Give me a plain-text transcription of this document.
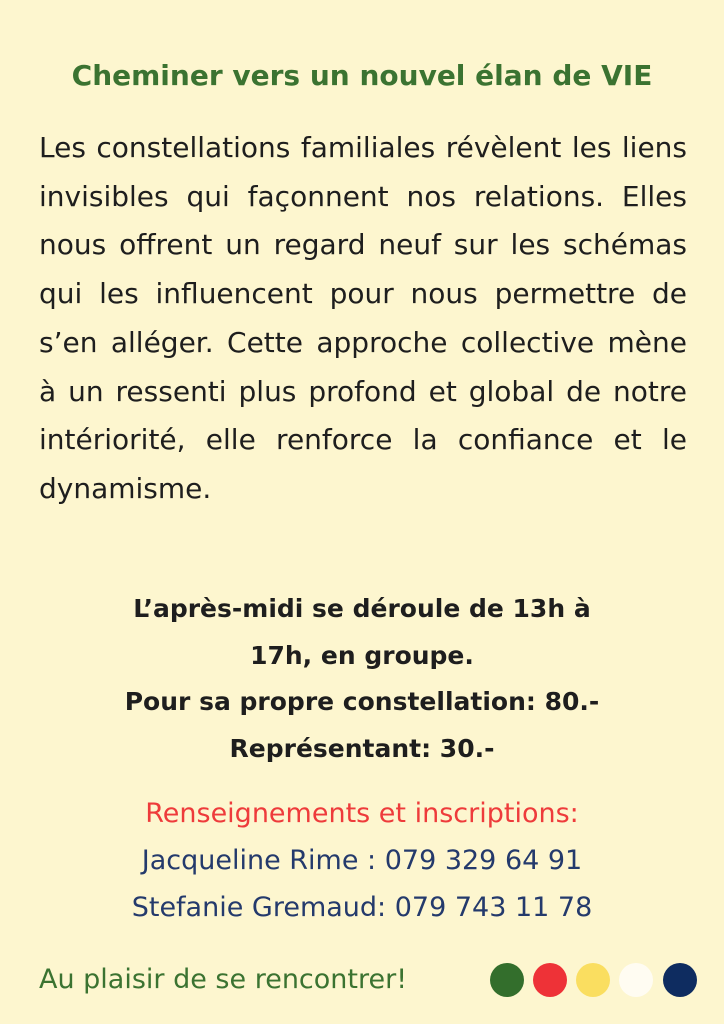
Cheminer vers un nouvel élan de VIE

Les constellations familiales révèlent les liens invisibles qui façonnent nos relations. Elles nous offrent un regard neuf sur les schémas qui les influencent pour nous permettre de s’en alléger. Cette approche collective mène à un ressenti plus profond et global de notre intériorité, elle renforce la confiance et le dynamisme.

L’après-midi se déroule de 13h à
17h, en groupe.
Pour sa propre constellation: 80.-
Représentant: 30.-
Renseignements et inscriptions:
Jacqueline Rime : 079 329 64 91
Stefanie Gremaud: 079 743 11 78
Au plaisir de se rencontrer!
